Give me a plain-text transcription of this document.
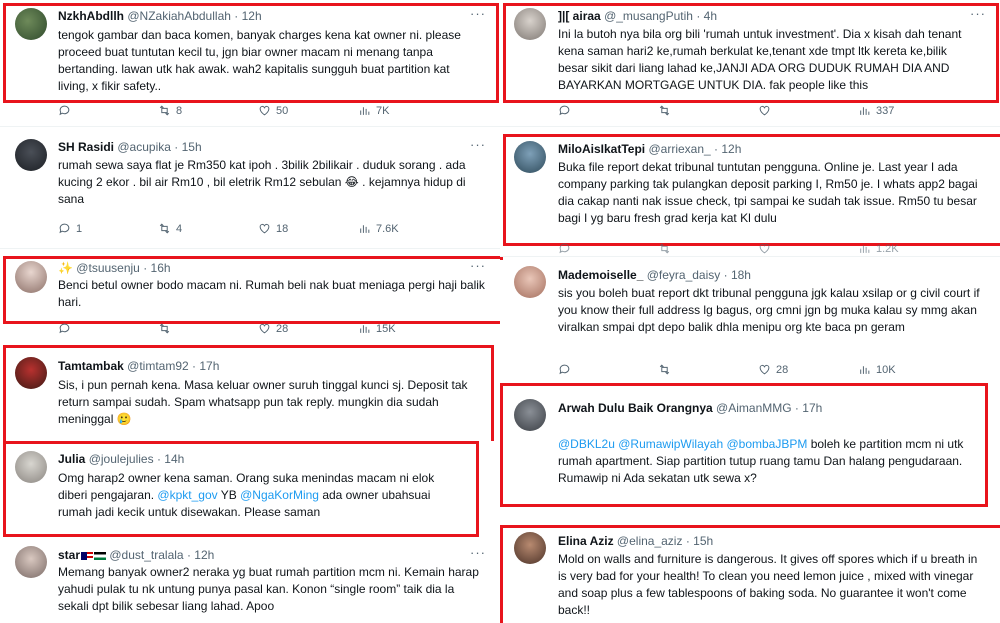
NzkhAbdllh @NZakiahAbdullah · 12h	···
tengok gambar dan baca komen, banyak charges kena kat owner ni. please proceed buat tuntutan kecil tu, jgn biar owner macam ni menang tanpa bertanding. lawan utk hak awak. wah2 kapitalis sungguh buat partition kat living, x fikir safety..
8	50	7K
SH Rasidi @acupika · 15h	···
rumah sewa saya flat je Rm350 kat ipoh . 3bilik 2bilikair . duduk sorang . ada kucing 2 ekor . bil air Rm10 , bil eletrik Rm12 sebulan 😂 . kejamnya hidup di sana
1	4	18	7.6K
✨ @tsuusenju · 16h	···
Benci betul owner bodo macam ni. Rumah beli nak buat meniaga pergi haji balik hari.
28	15K
Tamtambak @timtam92 · 17h
Sis, i pun pernah kena. Masa keluar owner suruh tinggal kunci sj. Deposit tak return sampai sudah. Spam whatsapp pun tak reply. mungkin dia sudah meninggal 🥲
Julia @joulejulies · 14h
Omg harap2 owner kena saman. Orang suka menindas macam ni elok diberi pengajaran. @kpkt_gov YB @NgaKorMing ada owner ubahsuai rumah jadi kecik untuk disewakan. Please saman
star @dust_tralala · 12h	···
Memang banyak owner2 neraka yg buat rumah partition mcm ni. Kemain harap yahudi pulak tu nk untung punya pasal kan. Konon “single room” taik dia la sekali dpt bilik sebesar liang lahad. Apoo
]|[ airaa @_musangPutih · 4h	···
Ini la butoh nya bila org bili 'rumah untuk investment'. Dia x kisah dah tenant kena saman hari2 ke,rumah berkulat ke,tenant xde tmpt ltk kereta ke,bilik besar sikit dari liang lahad ke,JANJI ADA ORG DUDUK RUMAH DIA AND BAYARKAN MORTGAGE UNTUK DIA. fak people like this
337
MiloAisIkatTepi @arriexan_ · 12h
Buka file report dekat tribunal tuntutan pengguna. Online je. Last year I ada company parking tak pulangkan deposit parking I, Rm50 je. I whats app2 bagai dia cakap nanti nak issue check, tpi sampai ke sudah tak issue. Rm50 tu besar bagi I yg baru fresh grad kerja kat Kl dulu
1.2K
Mademoiselle_ @feyra_daisy · 18h
sis you boleh buat report dkt tribunal pengguna jgk kalau xsilap or g civil court if you know their full address lg bagus, org cmni jgn bg muka kalau sy mmg akan viralkan smpai dpt depo balik dhla menipu org kte baca pn geram
28	10K
Arwah Dulu Baik Orangnya @AimanMMG · 17h

@DBKL2u @RumawipWilayah @bombaJBPM boleh ke partition mcm ni utk rumah apartment. Siap partition tutup ruang tamu Dan halang pengudaraan.
Rumawip ni Ada sekatan utk sewa x?

Elina Aziz @elina_aziz · 15h
Mold on walls and furniture is dangerous. It gives off spores which if u breath in is very bad for your health! To clean you need lemon juice , mixed with vinegar and soap plus a few tablespoons of baking soda. No guarantee it won't come back!!
